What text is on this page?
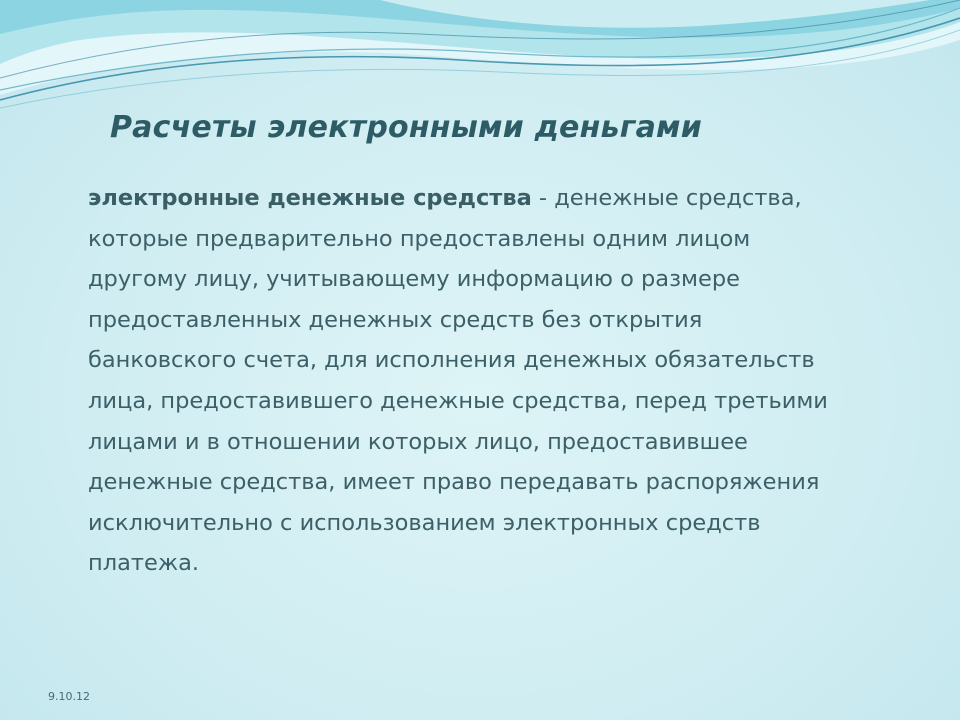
Расчеты электронными деньгами

электронные денежные средства - денежные средства, которые предварительно предоставлены одним лицом другому лицу, учитывающему информацию о размере предоставленных денежных средств без открытия банковского счета, для исполнения денежных обязательств лица, предоставившего денежные средства, перед третьими лицами и в отношении которых лицо, предоставившее денежные средства, имеет право передавать распоряжения исключительно с использованием электронных средств платежа.

9.10.12
